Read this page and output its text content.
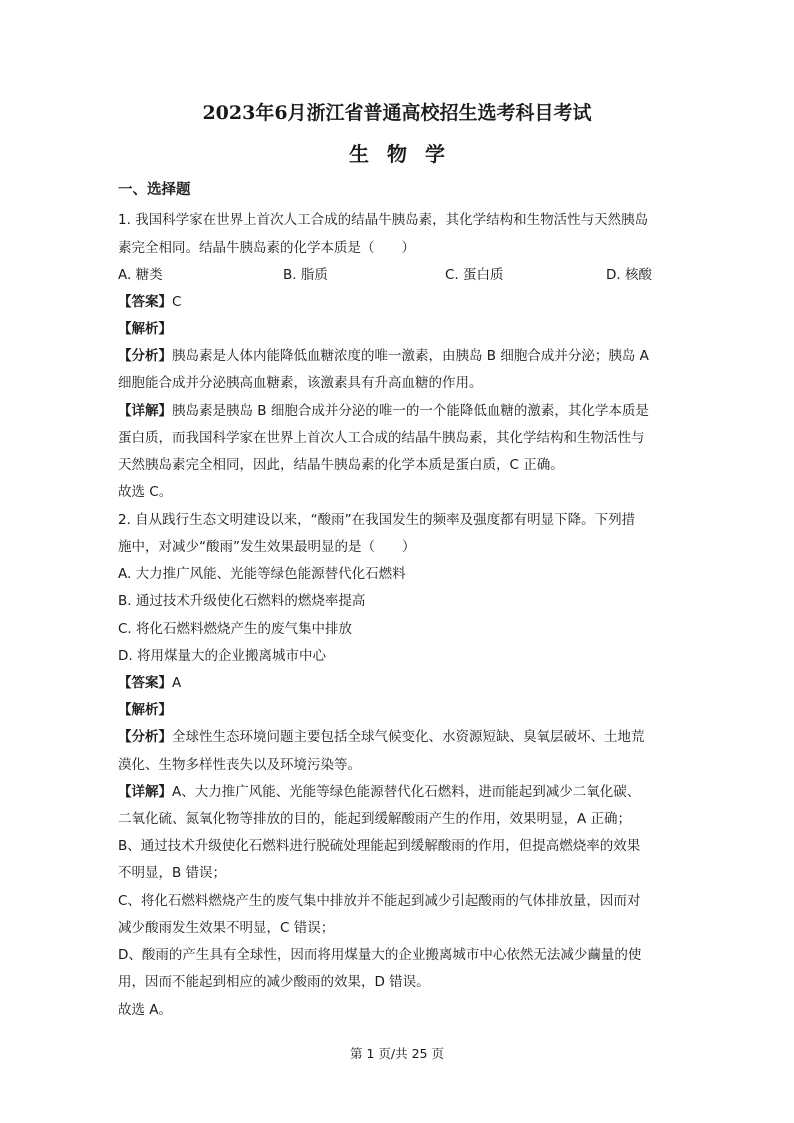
2023年6月浙江省普通高校招生选考科目考试
生物学
一、选择题
1. 我国科学家在世界上首次人工合成的结晶牛胰岛素，其化学结构和生物活性与天然胰岛
素完全相同。结晶牛胰岛素的化学本质是（　　）
A. 糖类	B. 脂质	C. 蛋白质	D. 核酸
【答案】C
【解析】
【分析】胰岛素是人体内能降低血糖浓度的唯一激素，由胰岛 B 细胞合成并分泌；胰岛 A
细胞能合成并分泌胰高血糖素，该激素具有升高血糖的作用。
【详解】胰岛素是胰岛 B 细胞合成并分泌的唯一的一个能降低血糖的激素，其化学本质是
蛋白质，而我国科学家在世界上首次人工合成的结晶牛胰岛素，其化学结构和生物活性与
天然胰岛素完全相同，因此，结晶牛胰岛素的化学本质是蛋白质，C 正确。
故选 C。
2. 自从践行生态文明建设以来，“酸雨”在我国发生的频率及强度都有明显下降。下列措
施中，对减少“酸雨”发生效果最明显的是（　　）
A. 大力推广风能、光能等绿色能源替代化石燃料
B. 通过技术升级使化石燃料的燃烧率提高
C. 将化石燃料燃烧产生的废气集中排放
D. 将用煤量大的企业搬离城市中心
【答案】A
【解析】
【分析】全球性生态环境问题主要包括全球气候变化、水资源短缺、臭氧层破坏、土地荒
漠化、生物多样性丧失以及环境污染等。
【详解】A、大力推广风能、光能等绿色能源替代化石燃料，进而能起到减少二氧化碳、
二氧化硫、氮氧化物等排放的目的，能起到缓解酸雨产生的作用，效果明显，A 正确；
B、通过技术升级使化石燃料进行脱硫处理能起到缓解酸雨的作用，但提高燃烧率的效果
不明显，B 错误；
C、将化石燃料燃烧产生的废气集中排放并不能起到减少引起酸雨的气体排放量，因而对
减少酸雨发生效果不明显，C 错误；
D、酸雨的产生具有全球性，因而将用煤量大的企业搬离城市中心依然无法减少繭量的使
用，因而不能起到相应的减少酸雨的效果，D 错误。
故选 A。
第 1 页/共 25 页
